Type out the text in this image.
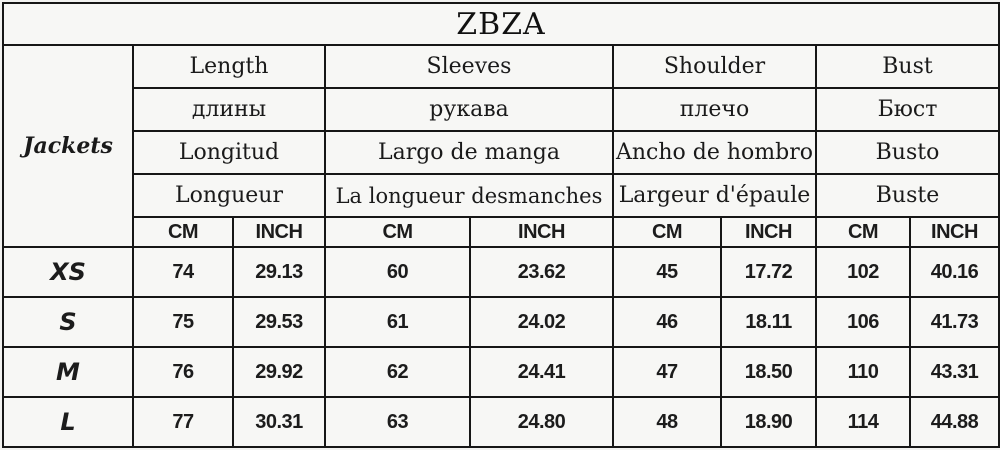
ZBZA								
Jackets	Length		Sleeves		Shoulder		Bust	
	длины		рукава		плечо		Бюст	
	Longitud		Largo de manga		Ancho de hombro		Busto	
	Longueur		La longueur desmanches		Largeur d'épaule		Buste	
	CM	INCH	CM	INCH	CM	INCH	CM	INCH
XS	74	29.13	60	23.62	45	17.72	102	40.16
S	75	29.53	61	24.02	46	18.11	106	41.73
M	76	29.92	62	24.41	47	18.50	110	43.31
L	77	30.31	63	24.80	48	18.90	114	44.88
